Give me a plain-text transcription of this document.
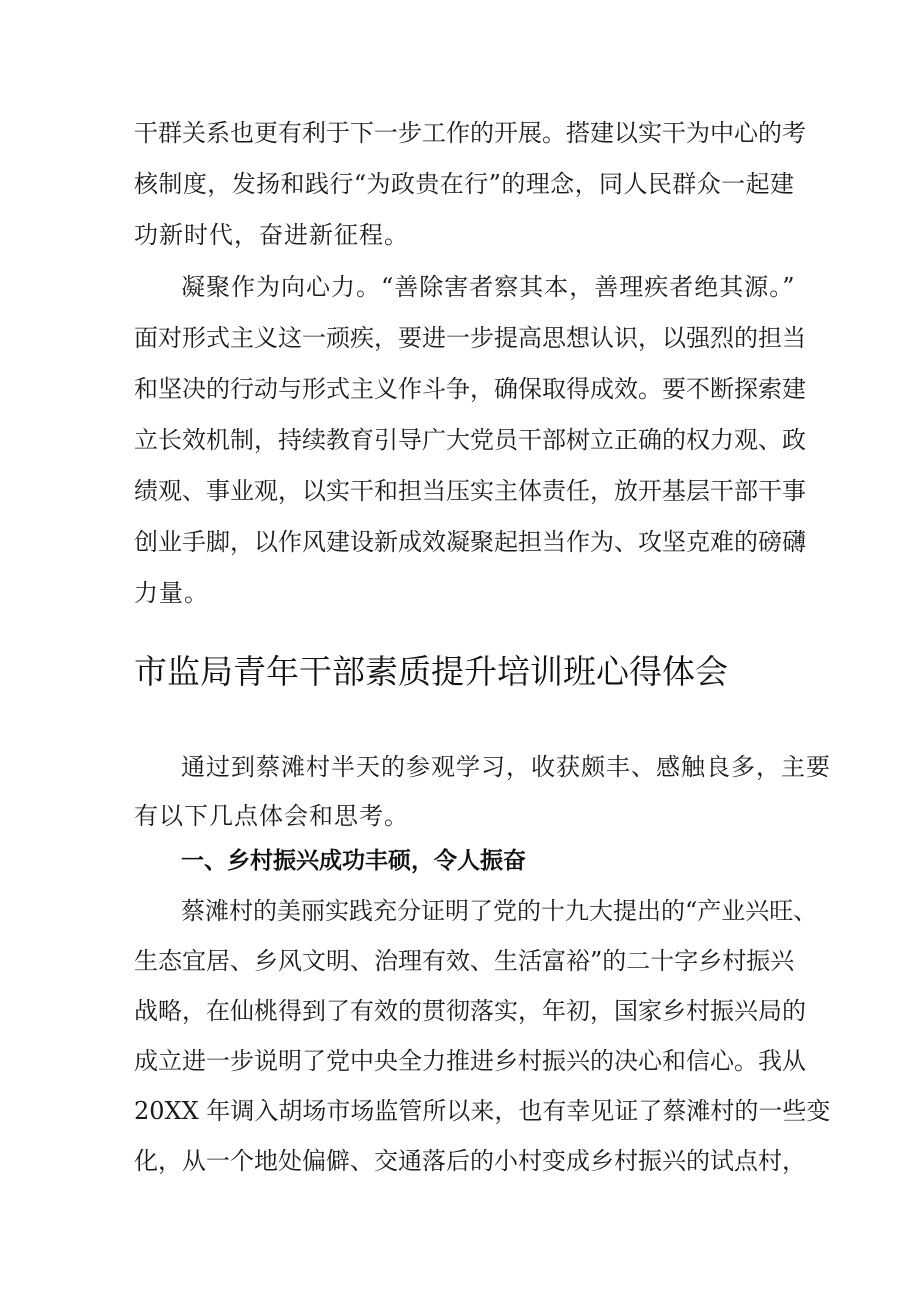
干群关系也更有利于下一步工作的开展。搭建以实干为中心的考
核制度，发扬和践行“为政贵在行”的理念，同人民群众一起建
功新时代，奋进新征程。
凝聚作为向心力。“善除害者察其本，善理疾者绝其源。”
面对形式主义这一顽疾，要进一步提高思想认识，以强烈的担当
和坚决的行动与形式主义作斗争，确保取得成效。要不断探索建
立长效机制，持续教育引导广大党员干部树立正确的权力观、政
绩观、事业观，以实干和担当压实主体责任，放开基层干部干事
创业手脚，以作风建设新成效凝聚起担当作为、攻坚克难的磅礴
力量。
市监局青年干部素质提升培训班心得体会
通过到蔡滩村半天的参观学习，收获颇丰、感触良多，主要
有以下几点体会和思考。
一、乡村振兴成功丰硕，令人振奋
蔡滩村的美丽实践充分证明了党的十九大提出的“产业兴旺、
生态宜居、乡风文明、治理有效、生活富裕”的二十字乡村振兴
战略，在仙桃得到了有效的贯彻落实，年初，国家乡村振兴局的
成立进一步说明了党中央全力推进乡村振兴的决心和信心。我从
20XX 年调入胡场市场监管所以来，也有幸见证了蔡滩村的一些变
化，从一个地处偏僻、交通落后的小村变成乡村振兴的试点村，
